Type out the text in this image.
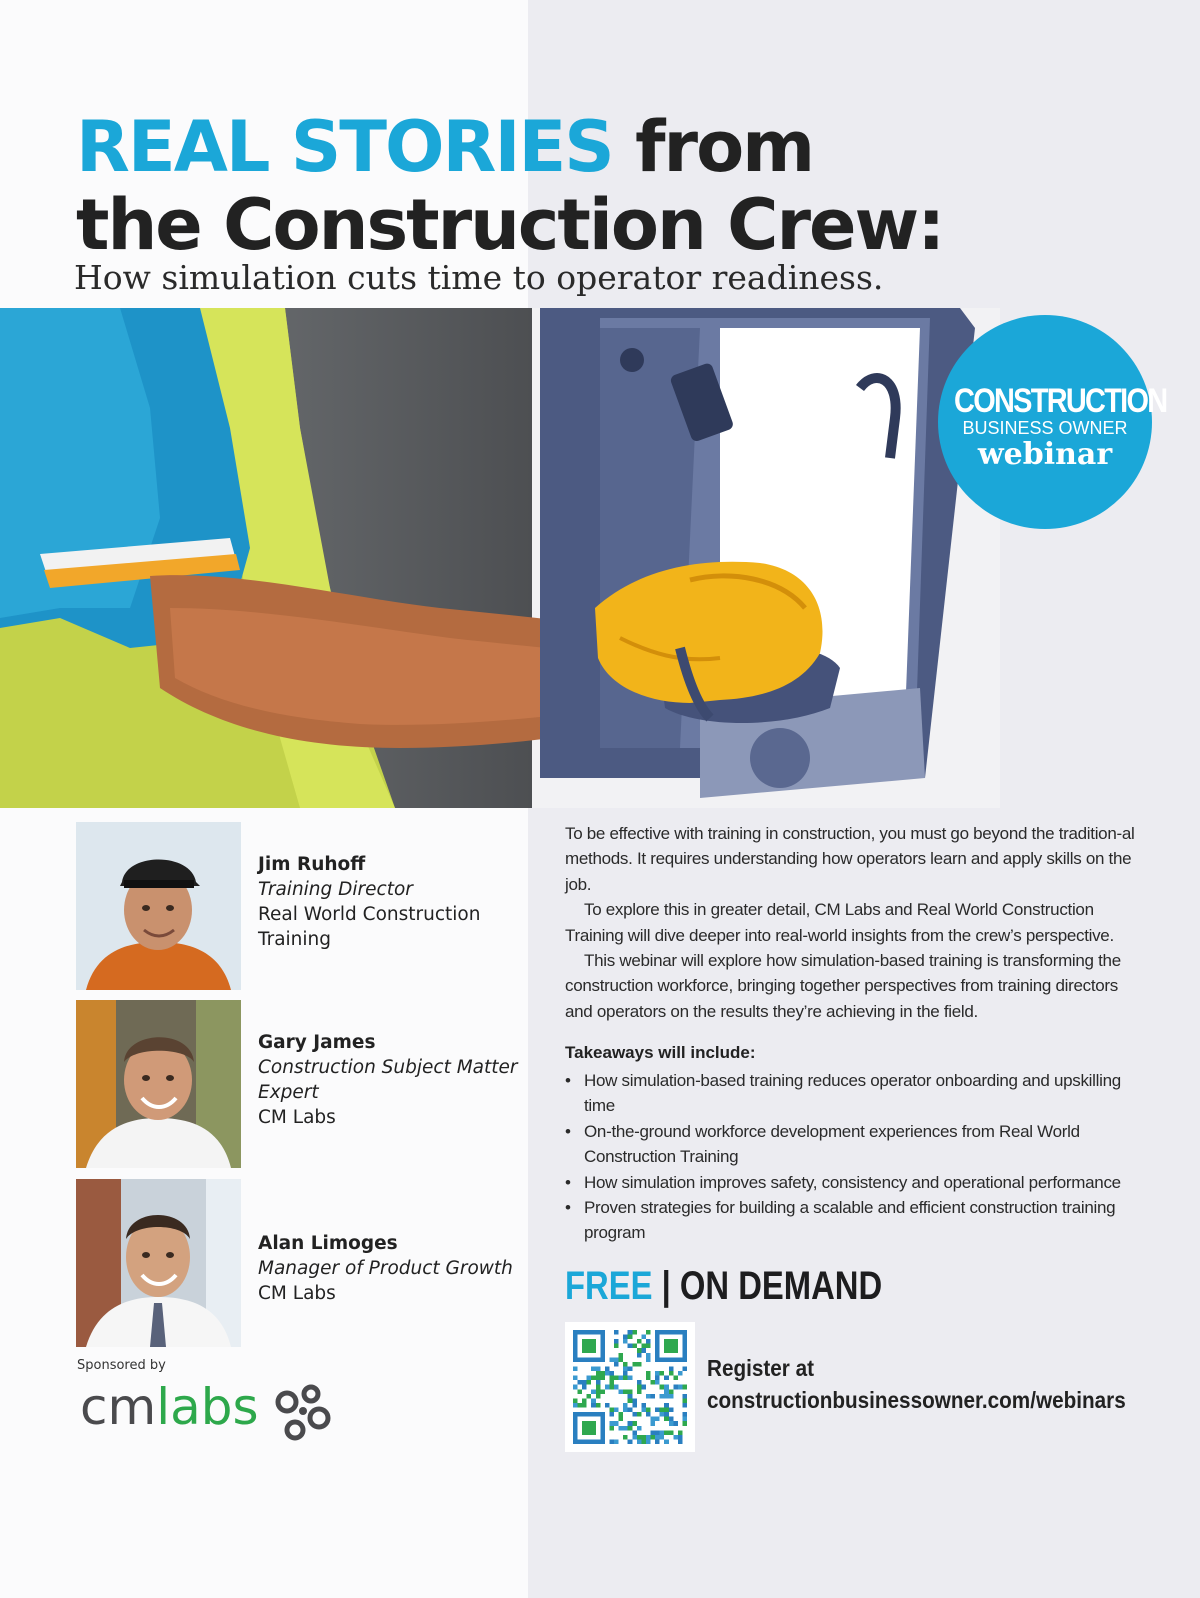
REAL STORIES from
the Construction Crew:
How simulation cuts time to operator readiness.
CONSTRUCTION
BUSINESS OWNER
webinar
Jim Ruhoff
Training Director
Real World Construction Training
Gary James
Construction Subject Matter Expert
CM Labs
Alan Limoges
Manager of Product Growth
CM Labs
Sponsored by
cmlabs

To be effective with training in construction, you must go beyond the tradition-al methods. It requires understanding how operators learn and apply skills on the job.

To explore this in greater detail, CM Labs and Real World Construction Training will dive deeper into real-world insights from the crew’s perspective.

This webinar will explore how simulation-based training is transforming the construction workforce, bringing together perspectives from training directors and operators on the results they’re achieving in the field.

Takeaways will include:
• How simulation-based training reduces operator onboarding and upskilling time
• On-the-ground workforce development experiences from Real World Construction Training
• How simulation improves safety, consistency and operational performance
• Proven strategies for building a scalable and efficient construction training program
FREE | ON DEMAND
Register at
constructionbusinessowner.com/webinars
